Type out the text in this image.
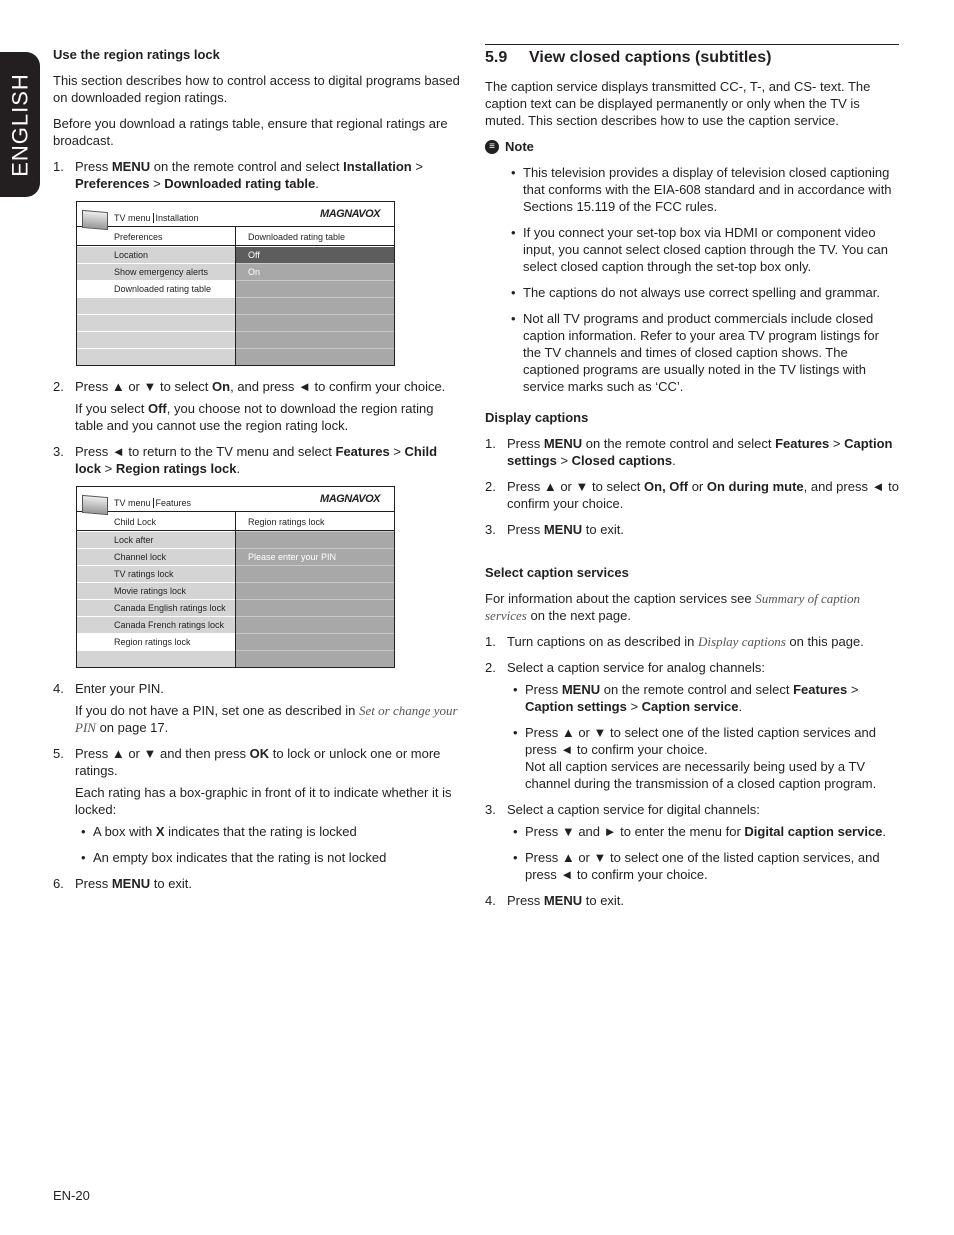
ENGLISH
Use the region ratings lock

This section describes how to control access to digital programs based on downloaded region ratings.

Before you download a ratings table, ensure that regional ratings are broadcast.

1. Press MENU on the remote control and select Installation > Preferences > Downloaded rating table.
TV menu Installation	MAGNAVOX
Preferences
Location
Show emergency alerts
Downloaded rating table
Downloaded rating table
Off
On
2. Press ▲ or ▼ to select On, and press ◄ to confirm your choice.
If you select Off, you choose not to download the region rating table and you cannot use the region rating lock.
3. Press ◄ to return to the TV menu and select Features > Child lock > Region ratings lock.
TV menu Features	MAGNAVOX
Child Lock
Lock after
Channel lock
TV ratings lock
Movie ratings lock
Canada English ratings lock
Canada French ratings lock
Region ratings lock
Region ratings lock
Please enter your PIN
4. Enter your PIN.
If you do not have a PIN, set one as described in Set or change your PIN on page 17.
5. Press ▲ or ▼ and then press OK to lock or unlock one or more ratings.
Each rating has a box-graphic in front of it to indicate whether it is locked:
• A box with X indicates that the rating is locked
• An empty box indicates that the rating is not locked
6. Press MENU to exit.
5.9 View closed captions (subtitles)

The caption service displays transmitted CC-, T-, and CS- text. The caption text can be displayed permanently or only when the TV is muted. This section describes how to use the caption service.

≡ Note
• This television provides a display of television closed captioning that conforms with the EIA-608 standard and in accordance with Sections 15.119 of the FCC rules.
• If you connect your set-top box via HDMI or component video input, you cannot select closed caption through the TV. You can select closed caption through the set-top box only.
• The captions do not always use correct spelling and grammar.
• Not all TV programs and product commercials include closed caption information. Refer to your area TV program listings for the TV channels and times of closed caption shows. The captioned programs are usually noted in the TV listings with service marks such as ‘CC’.
Display captions
1. Press MENU on the remote control and select Features > Caption settings > Closed captions.
2. Press ▲ or ▼ to select On, Off or On during mute, and press ◄ to confirm your choice.
3. Press MENU to exit.
Select caption services

For information about the caption services see Summary of caption services on the next page.

1. Turn captions on as described in Display captions on this page.
2. Select a caption service for analog channels:
• Press MENU on the remote control and select Features > Caption settings > Caption service.
• Press ▲ or ▼ to select one of the listed caption services and press ◄ to confirm your choice.
Not all caption services are necessarily being used by a TV channel during the transmission of a closed caption program.
3. Select a caption service for digital channels:
• Press ▼ and ► to enter the menu for Digital caption service.
• Press ▲ or ▼ to select one of the listed caption services, and press ◄ to confirm your choice.
4. Press MENU to exit.
EN-20
